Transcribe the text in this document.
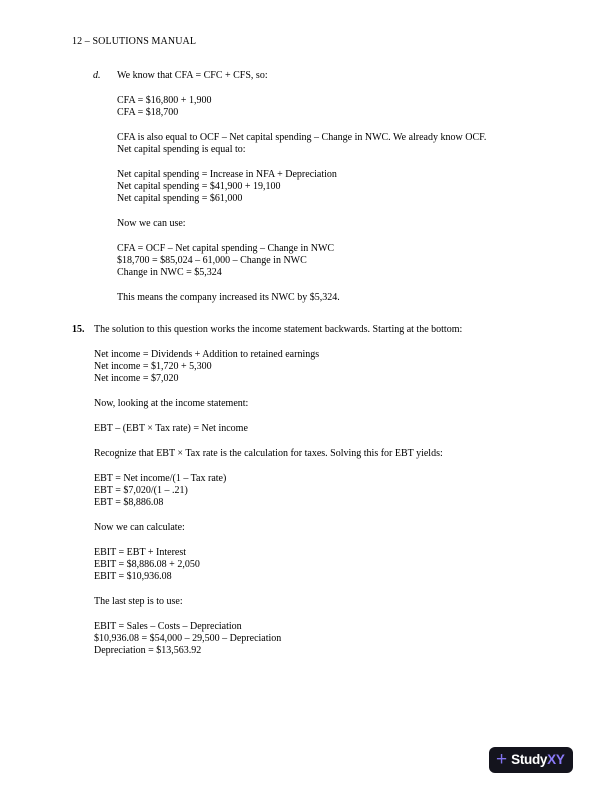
12 – SOLUTIONS MANUAL
d.	We know that CFA = CFC + CFS, so:

CFA = $16,800 + 1,900
CFA = $18,700
CFA is also equal to OCF – Net capital spending – Change in NWC. We already know OCF.
Net capital spending is equal to:
Net capital spending = Increase in NFA + Depreciation
Net capital spending = $41,900 + 19,100
Net capital spending = $61,000

Now we can use:

CFA = OCF – Net capital spending – Change in NWC
$18,700 = $85,024 – 61,000 – Change in NWC
Change in NWC = $5,324

This means the company increased its NWC by $5,324.

15. The solution to this question works the income statement backwards. Starting at the bottom:

Net income = Dividends + Addition to retained earnings
Net income = $1,720 + 5,300
Net income = $7,020

Now, looking at the income statement:

EBT – (EBT × Tax rate) = Net income

Recognize that EBT × Tax rate is the calculation for taxes. Solving this for EBT yields:

EBT = Net income/(1 – Tax rate)
EBT = $7,020/(1 – .21)
EBT = $8,886.08

Now we can calculate:

EBIT = EBT + Interest
EBIT = $8,886.08 + 2,050
EBIT = $10,936.08

The last step is to use:

EBIT = Sales – Costs – Depreciation
$10,936.08 = $54,000 – 29,500 – Depreciation
Depreciation = $13,563.92
+ StudyXY
